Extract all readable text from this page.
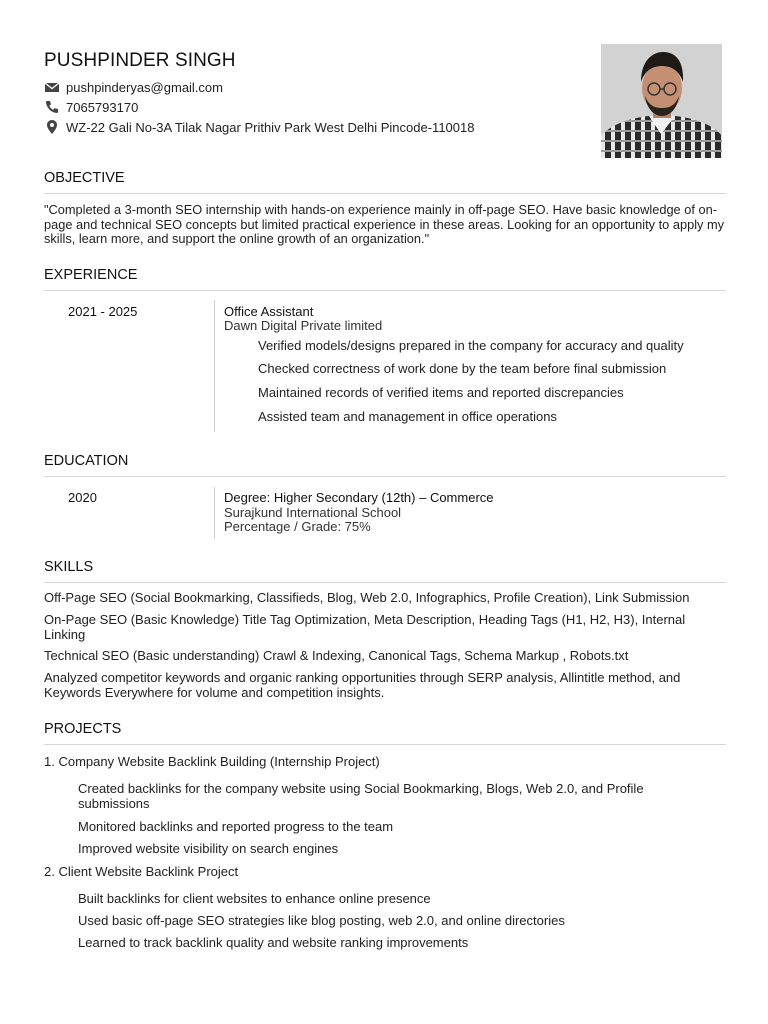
PUSHPINDER SINGH
pushpinderyas@gmail.com
7065793170
WZ-22 Gali No-3A Tilak Nagar Prithiv Park West Delhi Pincode-110018
OBJECTIVE
"Completed a 3-month SEO internship with hands-on experience mainly in off-page SEO. Have basic knowledge of on-page and technical SEO concepts but limited practical experience in these areas. Looking for an opportunity to apply my skills, learn more, and support the online growth of an organization."
EXPERIENCE
2021 - 2025	Office Assistant
Dawn Digital Private limited
Verified models/designs prepared in the company for accuracy and quality
Checked correctness of work done by the team before final submission
Maintained records of verified items and reported discrepancies
Assisted team and management in office operations
EDUCATION
2020	Degree: Higher Secondary (12th) – Commerce
Surajkund International School
Percentage / Grade: 75%
SKILLS
Off-Page SEO (Social Bookmarking, Classifieds, Blog, Web 2.0, Infographics, Profile Creation), Link Submission
On-Page SEO (Basic Knowledge) Title Tag Optimization, Meta Description, Heading Tags (H1, H2, H3), Internal Linking
Technical SEO (Basic understanding) Crawl & Indexing, Canonical Tags, Schema Markup , Robots.txt
Analyzed competitor keywords and organic ranking opportunities through SERP analysis, Allintitle method, and Keywords Everywhere for volume and competition insights.
PROJECTS
1. Company Website Backlink Building (Internship Project)
Created backlinks for the company website using Social Bookmarking, Blogs, Web 2.0, and Profile submissions
Monitored backlinks and reported progress to the team
Improved website visibility on search engines
2. Client Website Backlink Project
Built backlinks for client websites to enhance online presence
Used basic off-page SEO strategies like blog posting, web 2.0, and online directories
Learned to track backlink quality and website ranking improvements
